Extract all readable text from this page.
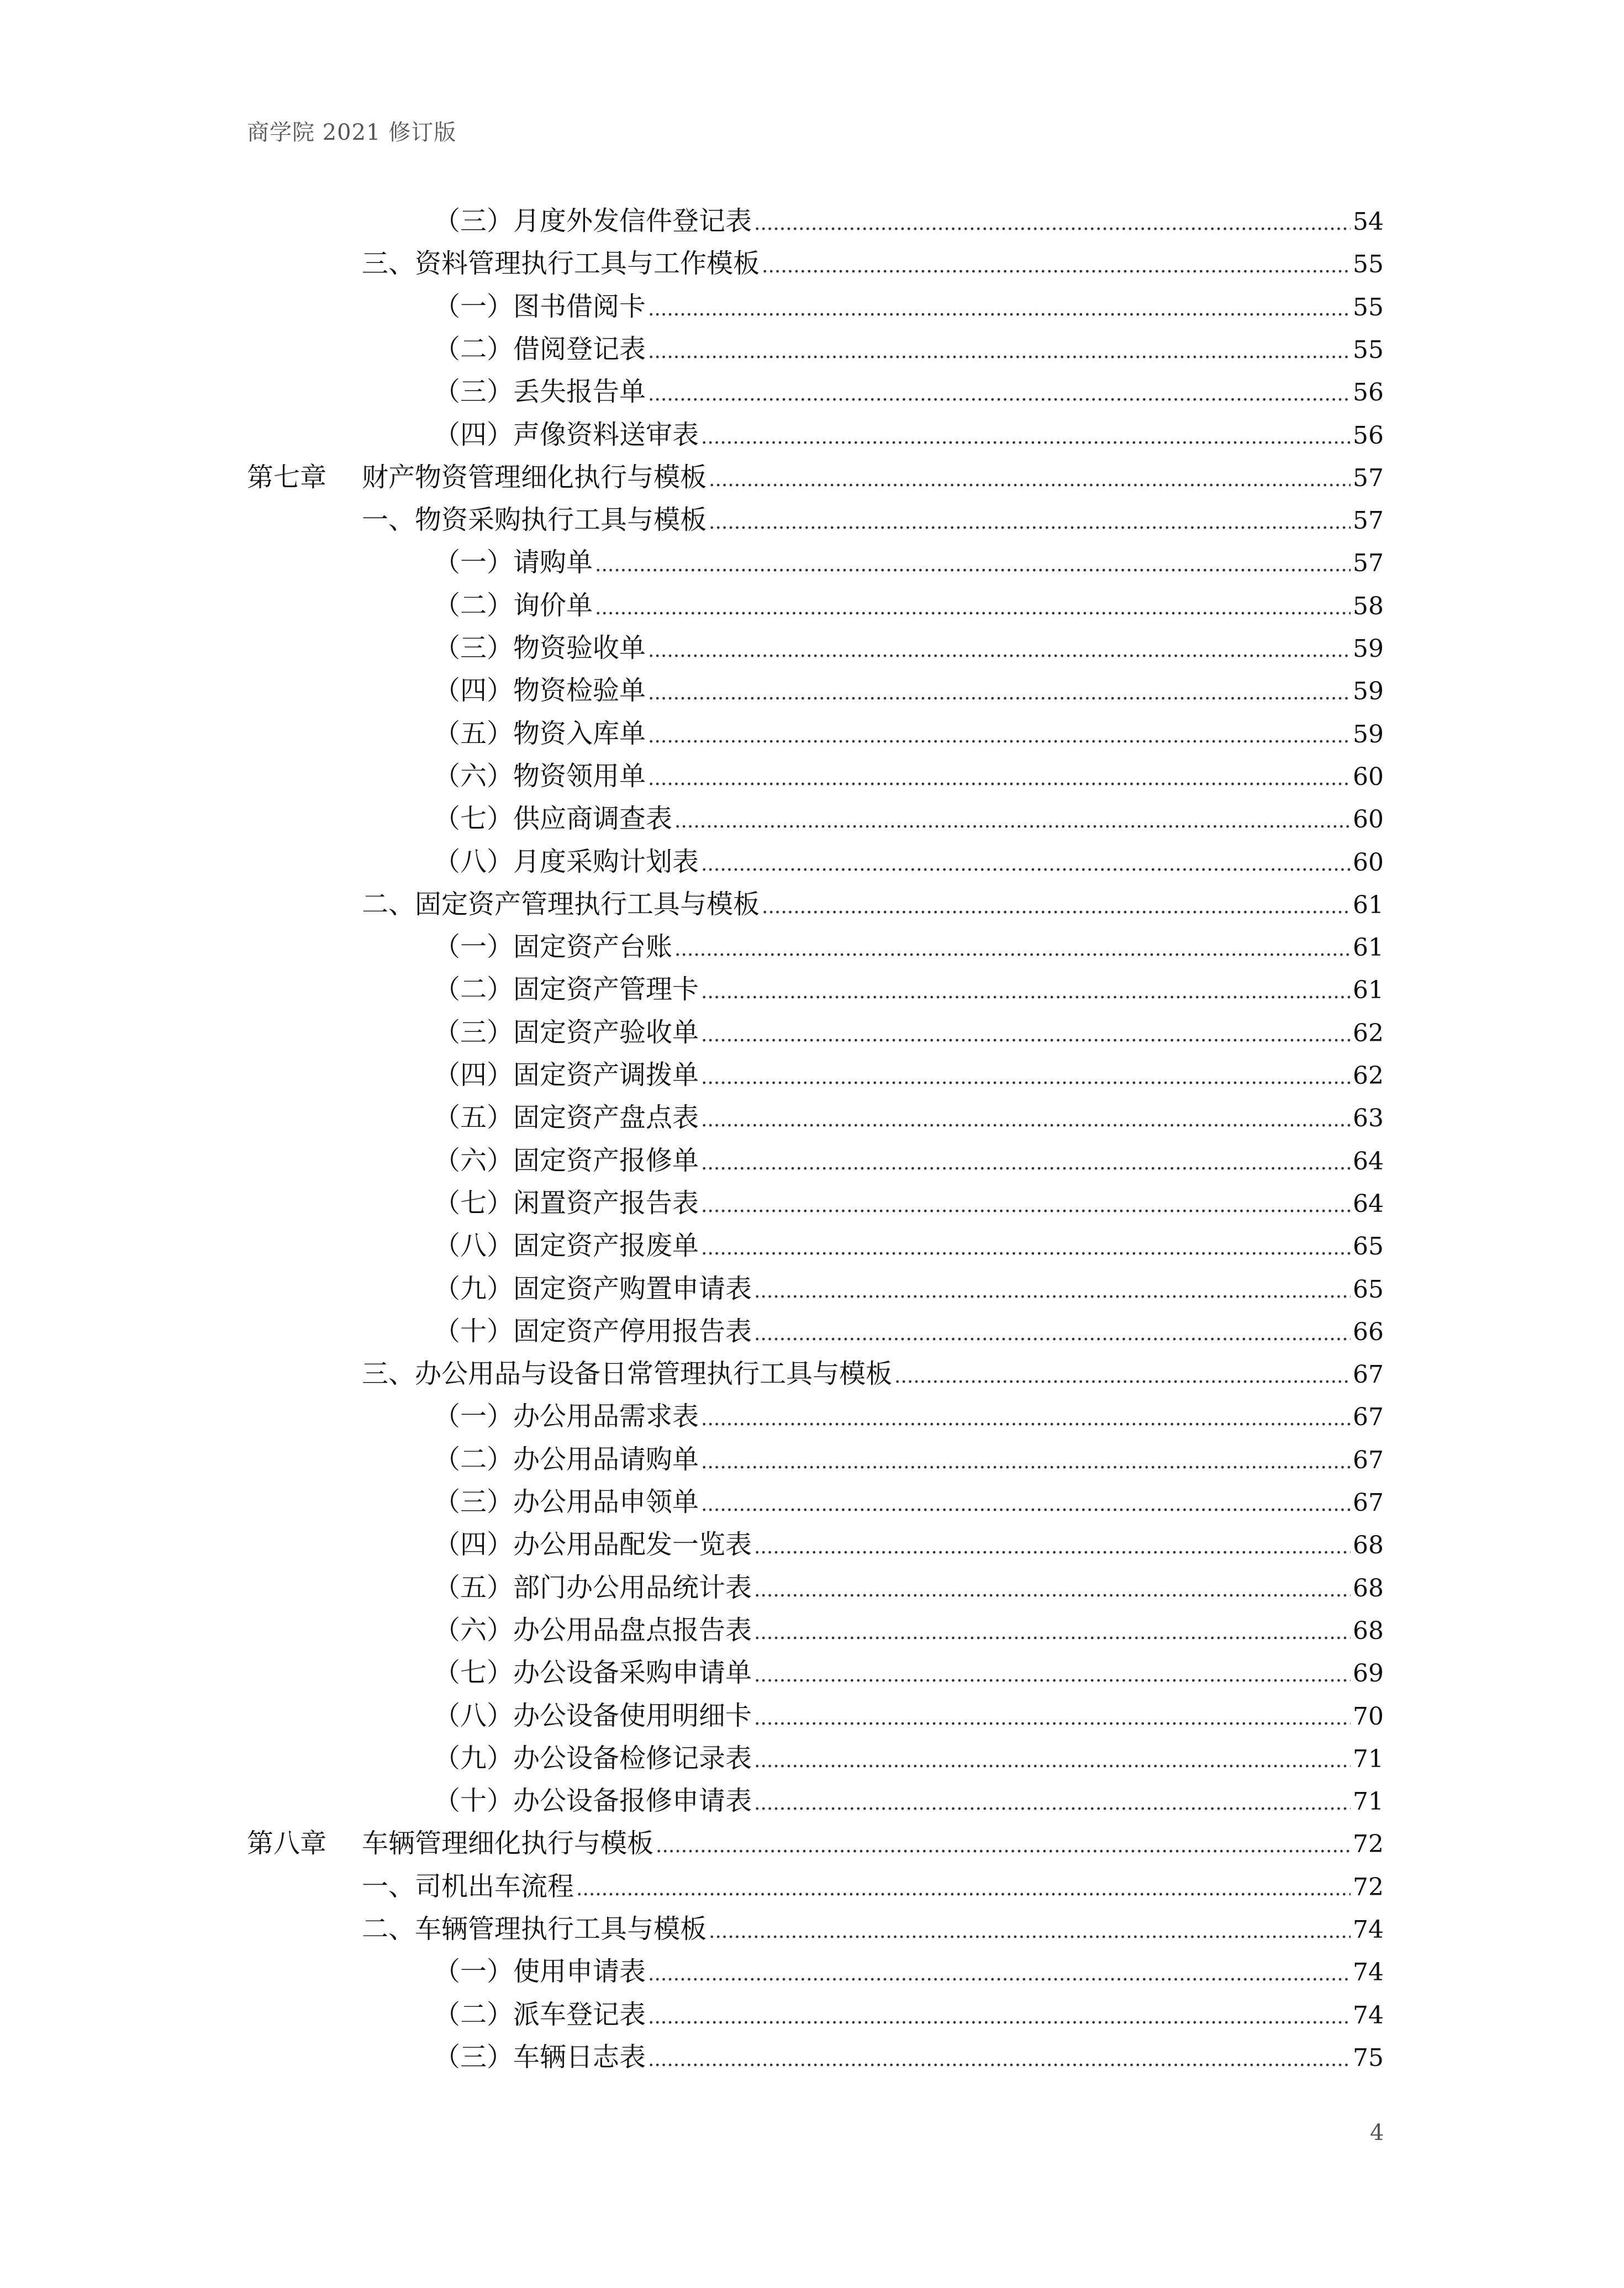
商学院 2021 修订版
（三）月度外发信件登记表 .....	54
三、资料管理执行工具与工作模板 .....	55
（一）图书借阅卡 .....	55
（二）借阅登记表 .....	55
（三）丢失报告单 .....	56
（四）声像资料送审表 .....	56
第七章 财产物资管理细化执行与模板 .....	57
一、物资采购执行工具与模板 .....	57
（一）请购单 .....	57
（二）询价单 .....	58
（三）物资验收单 .....	59
（四）物资检验单 .....	59
（五）物资入库单 .....	59
（六）物资领用单 .....	60
（七）供应商调查表 .....	60
（八）月度采购计划表 .....	60
二、固定资产管理执行工具与模板 .....	61
（一）固定资产台账 .....	61
（二）固定资产管理卡 .....	61
（三）固定资产验收单 .....	62
（四）固定资产调拨单 .....	62
（五）固定资产盘点表 .....	63
（六）固定资产报修单 .....	64
（七）闲置资产报告表 .....	64
（八）固定资产报废单 .....	65
（九）固定资产购置申请表 .....	65
（十）固定资产停用报告表 .....	66
三、办公用品与设备日常管理执行工具与模板 .....	67
（一）办公用品需求表 .....	67
（二）办公用品请购单 .....	67
（三）办公用品申领单 .....	67
（四）办公用品配发一览表 .....	68
（五）部门办公用品统计表 .....	68
（六）办公用品盘点报告表 .....	68
（七）办公设备采购申请单 .....	69
（八）办公设备使用明细卡 .....	70
（九）办公设备检修记录表 .....	71
（十）办公设备报修申请表 .....	71
第八章 车辆管理细化执行与模板 .....	72
一、司机出车流程 .....	72
二、车辆管理执行工具与模板 .....	74
（一）使用申请表 .....	74
（二）派车登记表 .....	74
（三）车辆日志表 .....	75
4
